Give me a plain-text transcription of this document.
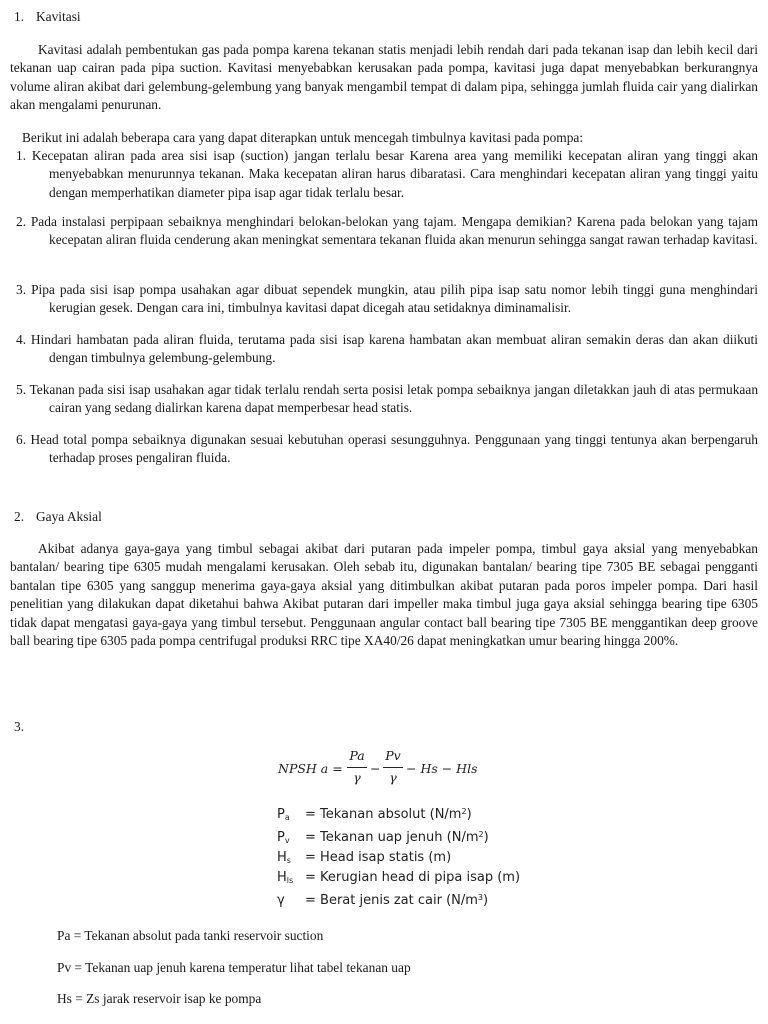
1. Kavitasi

Kavitasi adalah pembentukan gas pada pompa karena tekanan statis menjadi lebih rendah dari pada tekanan isap dan lebih kecil dari tekanan uap cairan pada pipa suction. Kavitasi menyebabkan kerusakan pada pompa, kavitasi juga dapat menyebabkan berkurangnya volume aliran akibat dari gelembung-gelembung yang banyak mengambil tempat di dalam pipa, sehingga jumlah fluida cair yang dialirkan akan mengalami penurunan.

Berikut ini adalah beberapa cara yang dapat diterapkan untuk mencegah timbulnya kavitasi pada pompa:

1. Kecepatan aliran pada area sisi isap (suction) jangan terlalu besar Karena area yang memiliki kecepatan aliran yang tinggi akan menyebabkan menurunnya tekanan. Maka kecepatan aliran harus dibaratasi. Cara menghindari kecepatan aliran yang tinggi yaitu dengan memperhatikan diameter pipa isap agar tidak terlalu besar.
2. Pada instalasi perpipaan sebaiknya menghindari belokan-belokan yang tajam. Mengapa demikian? Karena pada belokan yang tajam kecepatan aliran fluida cenderung akan meningkat sementara tekanan fluida akan menurun sehingga sangat rawan terhadap kavitasi.
3. Pipa pada sisi isap pompa usahakan agar dibuat sependek mungkin, atau pilih pipa isap satu nomor lebih tinggi guna menghindari kerugian gesek. Dengan cara ini, timbulnya kavitasi dapat dicegah atau setidaknya diminamalisir.
4. Hindari hambatan pada aliran fluida, terutama pada sisi isap karena hambatan akan membuat aliran semakin deras dan akan diikuti dengan timbulnya gelembung-gelembung.
5. Tekanan pada sisi isap usahakan agar tidak terlalu rendah serta posisi letak pompa sebaiknya jangan diletakkan jauh di atas permukaan cairan yang sedang dialirkan karena dapat memperbesar head statis.
6. Head total pompa sebaiknya digunakan sesuai kebutuhan operasi sesungguhnya. Penggunaan yang tinggi tentunya akan berpengaruh terhadap proses pengaliran fluida.
2. Gaya Aksial

Akibat adanya gaya-gaya yang timbul sebagai akibat dari putaran pada impeler pompa, timbul gaya aksial yang menyebabkan bantalan/ bearing tipe 6305 mudah mengalami kerusakan. Oleh sebab itu, digunakan bantalan/ bearing tipe 7305 BE sebagai pengganti bantalan tipe 6305 yang sanggup menerima gaya-gaya aksial yang ditimbulkan akibat putaran pada poros impeler pompa. Dari hasil penelitian yang dilakukan dapat diketahui bahwa Akibat putaran dari impeller maka timbul juga gaya aksial sehingga bearing tipe 6305 tidak dapat mengatasi gaya-gaya yang timbul tersebut. Penggunaan angular contact ball bearing tipe 7305 BE menggantikan deep groove ball bearing tipe 6305 pada pompa centrifugal produksi RRC tipe XA40/26 dapat meningkatkan umur bearing hingga 200%.

3.
NPSH a =
Pa
γ
−
Pv
γ
− Hs − Hls
$P_a$ = Tekanan absolut $(N/m^2)$
$P_v$ = Tekanan uap jenuh $(N/m^2)$
$H_s$ = Head isap statis (m)
$H_{ls}$ = Kerugian head di pipa isap (m)
γ = Berat jenis zat cair $(N/m^3)$
Pa = Tekanan absolut pada tanki reservoir suction
Pv = Tekanan uap jenuh karena temperatur lihat tabel tekanan uap
Hs = Zs jarak reservoir isap ke pompa
